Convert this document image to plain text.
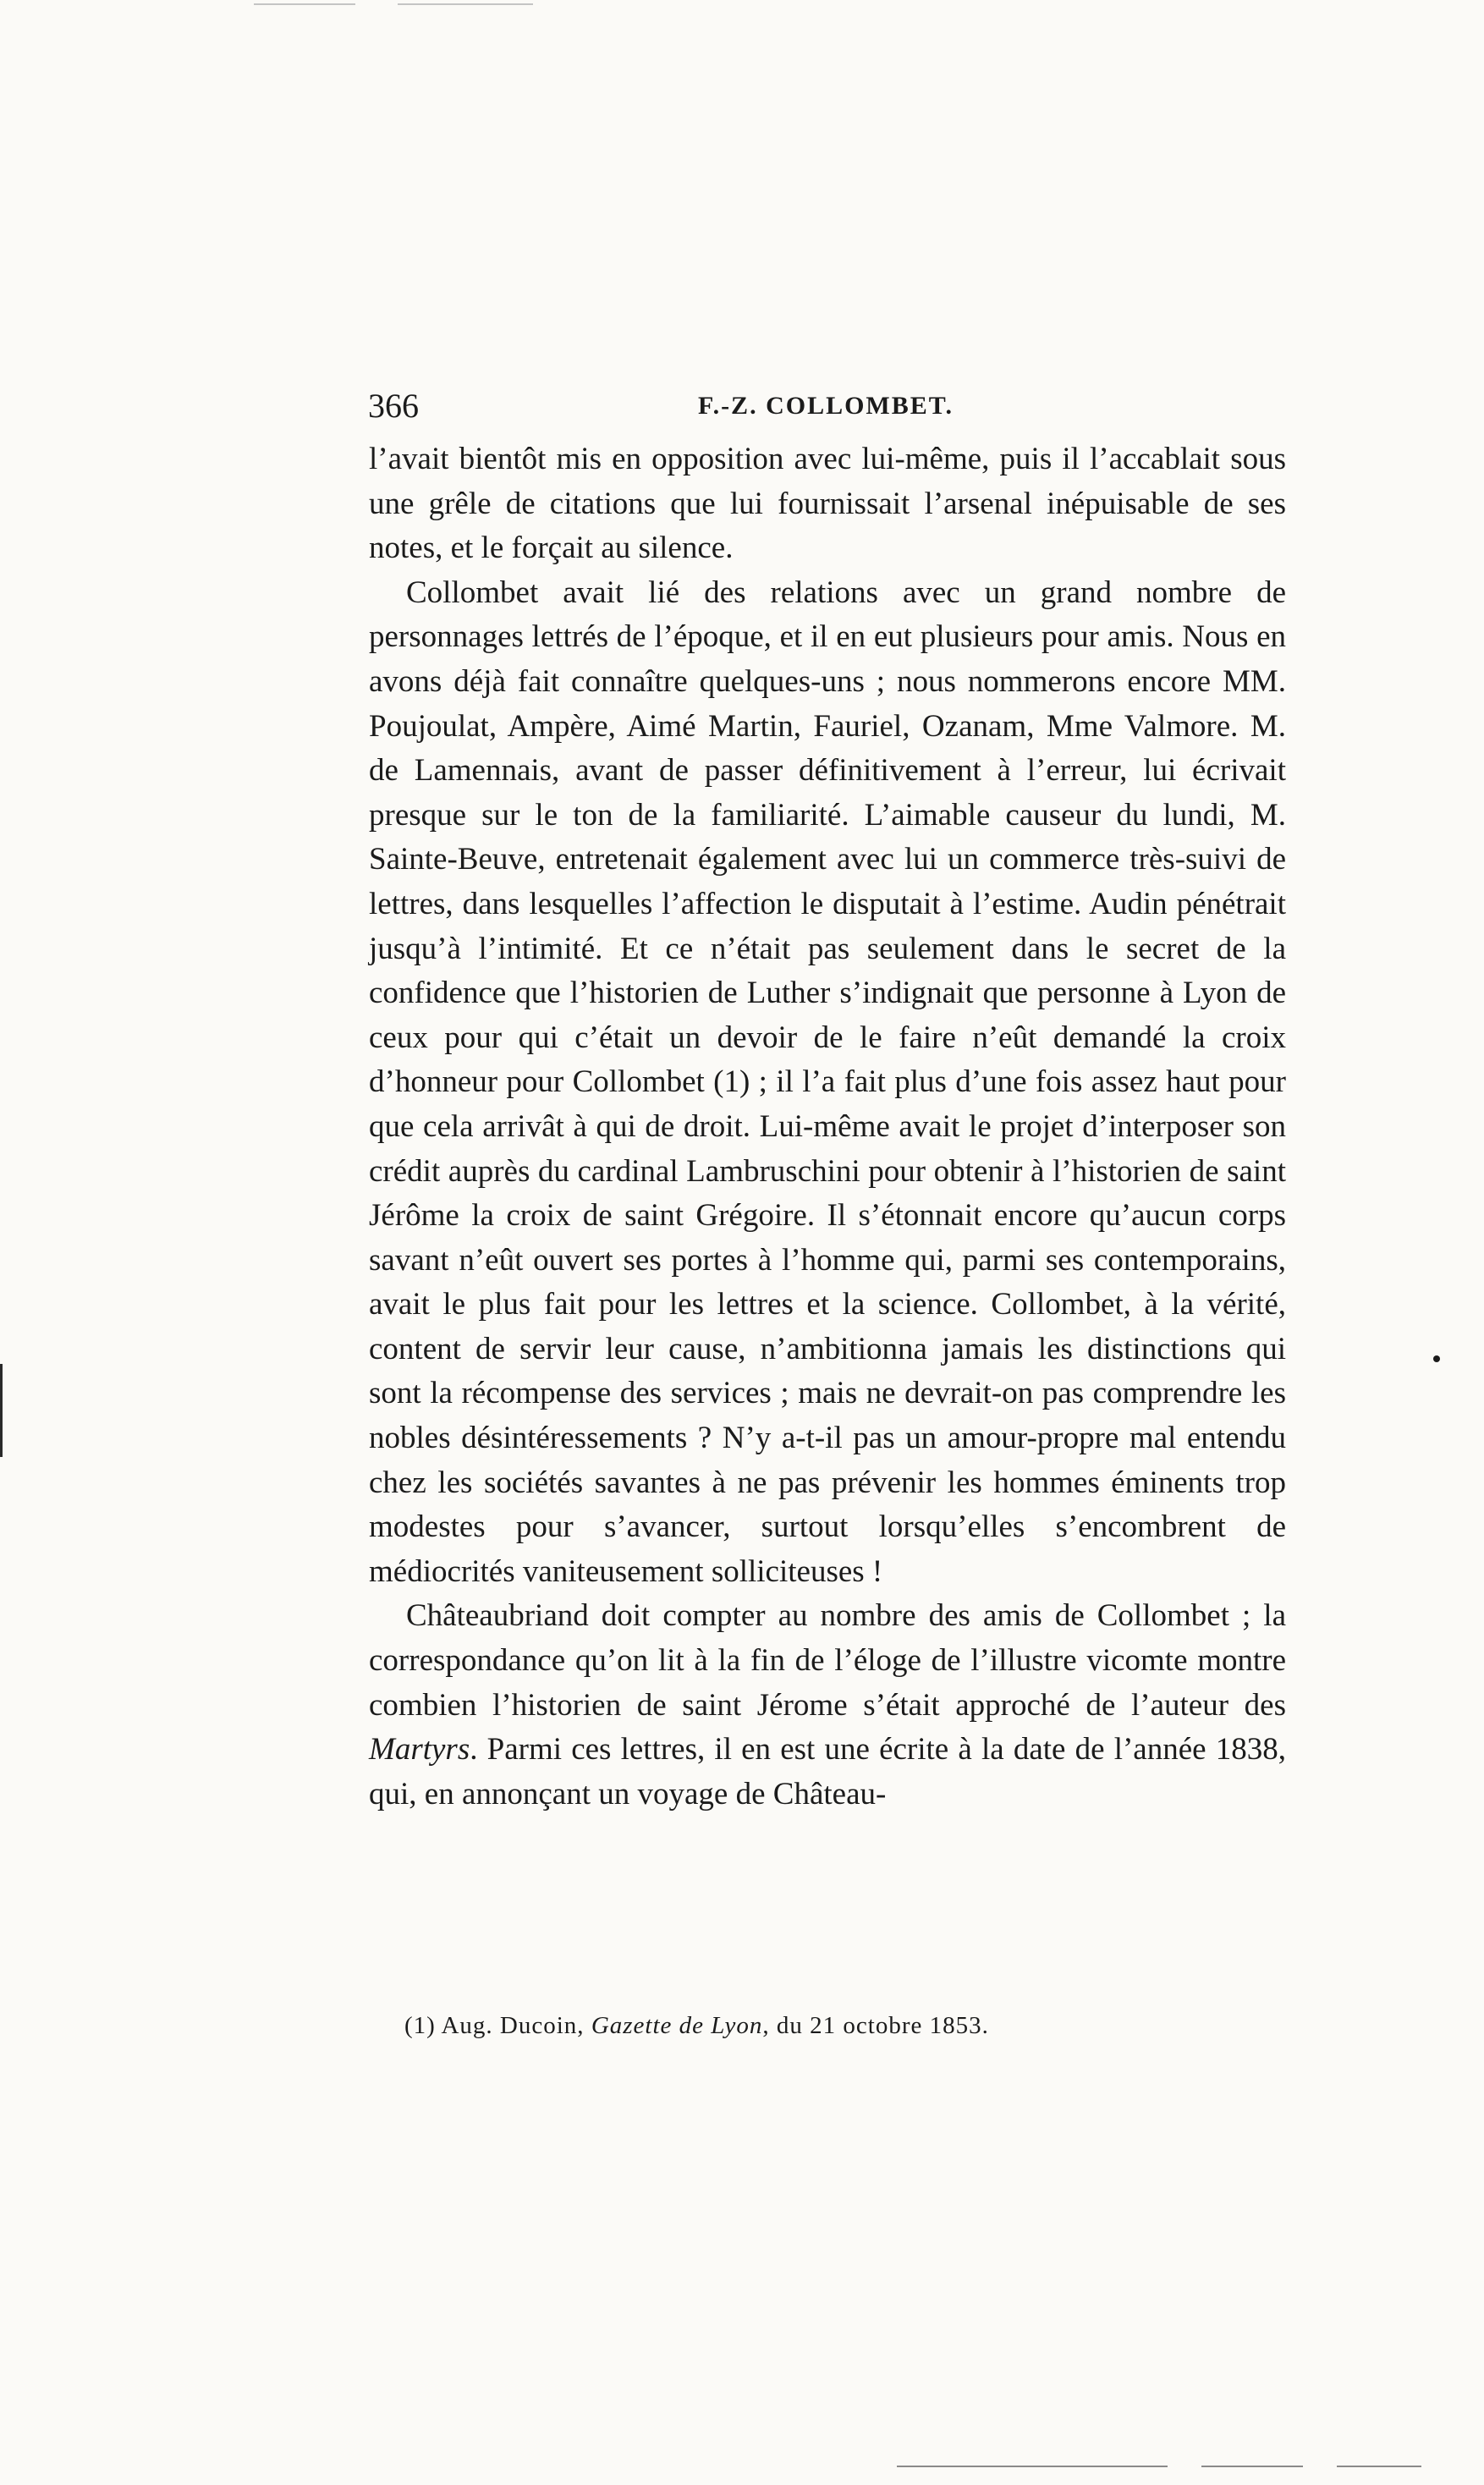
366	F.-Z. COLLOMBET.

l’avait bientôt mis en opposition avec lui-même, puis il l’accablait sous une grêle de citations que lui fournissait l’arsenal inépuisable de ses notes, et le forçait au silence.

Collombet avait lié des relations avec un grand nombre de personnages lettrés de l’époque, et il en eut plusieurs pour amis. Nous en avons déjà fait connaître quelques-uns ; nous nommerons encore MM. Poujoulat, Ampère, Aimé Martin, Fauriel, Ozanam, Mme Valmore. M. de Lamennais, avant de passer définitivement à l’erreur, lui écrivait presque sur le ton de la familiarité. L’aimable causeur du lundi, M. Sainte-Beuve, entretenait également avec lui un commerce très-suivi de lettres, dans lesquelles l’affection le disputait à l’estime. Audin pénétrait jusqu’à l’intimité. Et ce n’était pas seulement dans le secret de la confidence que l’historien de Luther s’indignait que personne à Lyon de ceux pour qui c’était un devoir de le faire n’eût demandé la croix d’honneur pour Collombet (1) ; il l’a fait plus d’une fois assez haut pour que cela arrivât à qui de droit. Lui-même avait le projet d’interposer son crédit auprès du cardinal Lambruschini pour obtenir à l’historien de saint Jérôme la croix de saint Grégoire. Il s’étonnait encore qu’aucun corps savant n’eût ouvert ses portes à l’homme qui, parmi ses contemporains, avait le plus fait pour les lettres et la science. Collombet, à la vérité, content de servir leur cause, n’ambitionna jamais les distinctions qui sont la récompense des services ; mais ne devrait-on pas comprendre les nobles désintéressements ? N’y a-t-il pas un amour-propre mal entendu chez les sociétés savantes à ne pas prévenir les hommes éminents trop modestes pour s’avancer, surtout lorsqu’elles s’encombrent de médiocrités vaniteusement solliciteuses !

Châteaubriand doit compter au nombre des amis de Collombet ; la correspondance qu’on lit à la fin de l’éloge de l’illustre vicomte montre combien l’historien de saint Jérome s’était approché de l’auteur des Martyrs. Parmi ces lettres, il en est une écrite à la date de l’année 1838, qui, en annonçant un voyage de Château-

(1) Aug. Ducoin, Gazette de Lyon, du 21 octobre 1853.
